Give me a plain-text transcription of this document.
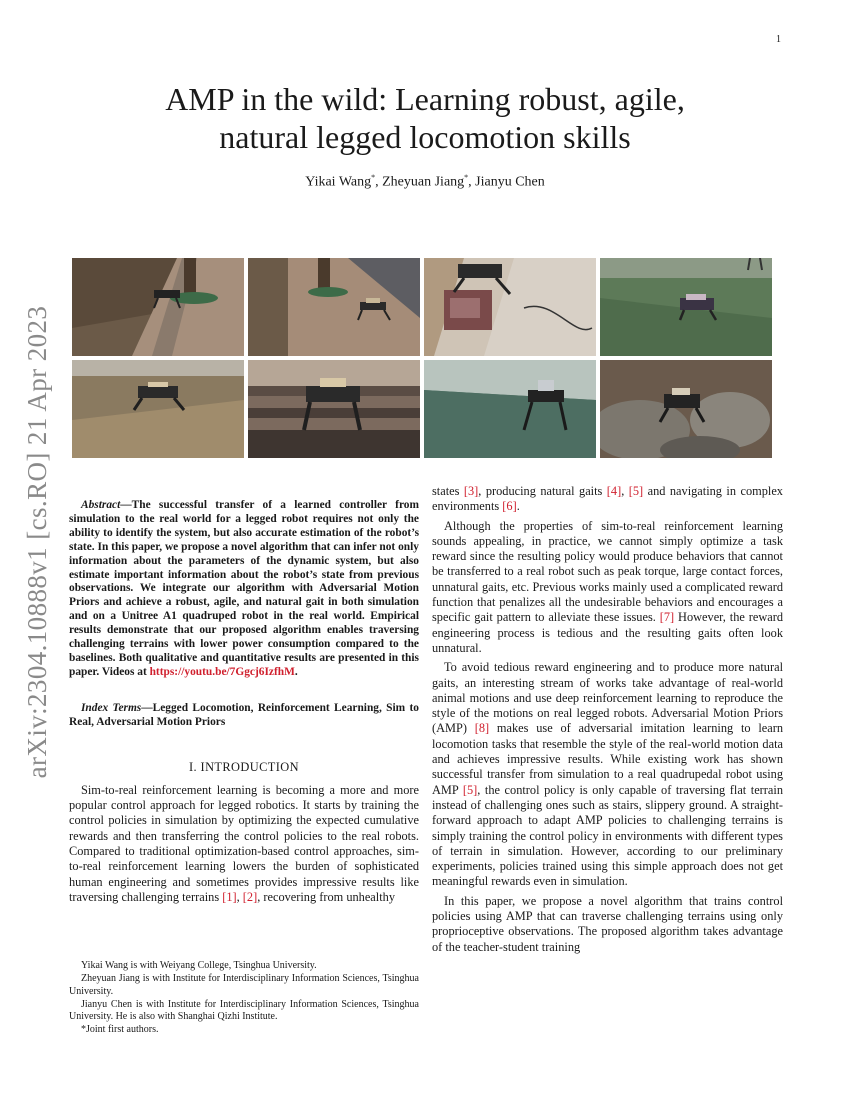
1
arXiv:2304.10888v1 [cs.RO] 21 Apr 2023
AMP in the wild: Learning robust, agile,
natural legged locomotion skills
Yikai Wang*, Zheyuan Jiang*, Jianyu Chen

Abstract—The successful transfer of a learned controller from simulation to the real world for a legged robot requires not only the ability to identify the system, but also accurate estimation of the robot’s state. In this paper, we propose a novel algorithm that can infer not only information about the parameters of the dynamic system, but also estimate important information about the robot’s state from previous observations. We integrate our algorithm with Adversarial Motion Priors and achieve a robust, agile, and natural gait in both simulation and on a Unitree A1 quadruped robot in the real world. Empirical results demonstrate that our proposed algorithm enables traversing challenging terrains with lower power consumption compared to the baselines. Both qualitative and quantitative results are presented in this paper. Videos at https://youtu.be/7Ggcj6IzfhM.

Index Terms—Legged Locomotion, Reinforcement Learning, Sim to Real, Adversarial Motion Priors

I. INTRODUCTION

Sim-to-real reinforcement learning is becoming a more and more popular control approach for legged robotics. It starts by training the control policies in simulation by optimizing the expected cumulative rewards and then transferring the control policies to the real robots. Compared to traditional optimization-based control approaches, sim-to-real reinforcement learning lowers the burden of sophisticated human engineering and sometimes provides impressive results like traversing challenging terrains [1], [2], recovering from unhealthy

Yikai Wang is with Weiyang College, Tsinghua University.

Zheyuan Jiang is with Institute for Interdisciplinary Information Sciences, Tsinghua University.

Jianyu Chen is with Institute for Interdisciplinary Information Sciences, Tsinghua University. He is also with Shanghai Qizhi Institute.

*Joint first authors.

states [3], producing natural gaits [4], [5] and navigating in complex environments [6].

Although the properties of sim-to-real reinforcement learning sounds appealing, in practice, we cannot simply optimize a task reward since the resulting policy would produce behaviors that cannot be transferred to a real robot such as peak torque, large contact forces, unnatural gaits, etc. Previous works mainly used a complicated reward function that penalizes all the undesirable behaviors and encourages a specific gait pattern to alleviate these issues. [7] However, the reward engineering process is tedious and the resulting gaits often look unnatural.

To avoid tedious reward engineering and to produce more natural gaits, an interesting stream of works take advantage of real-world animal motions and use deep reinforcement learning to reproduce the style of the motions on real legged robots. Adversarial Motion Priors (AMP) [8] makes use of adversarial imitation learning to learn locomotion tasks that resemble the style of the real-world motion data and achieves impressive results. While existing work has shown successful transfer from simulation to a real quadrupedal robot using AMP [5], the control policy is only capable of traversing flat terrain instead of challenging ones such as stairs, slippery ground. A straight-forward approach to adapt AMP policies to challenging terrains is simply training the control policy in environments with different types of terrain in simulation. However, according to our preliminary experiments, policies trained using this simple approach does not get meaningful rewards even in simulation.

In this paper, we propose a novel algorithm that trains control policies using AMP that can traverse challenging terrains using only proprioceptive observations. The proposed algorithm takes advantage of the teacher-student training
